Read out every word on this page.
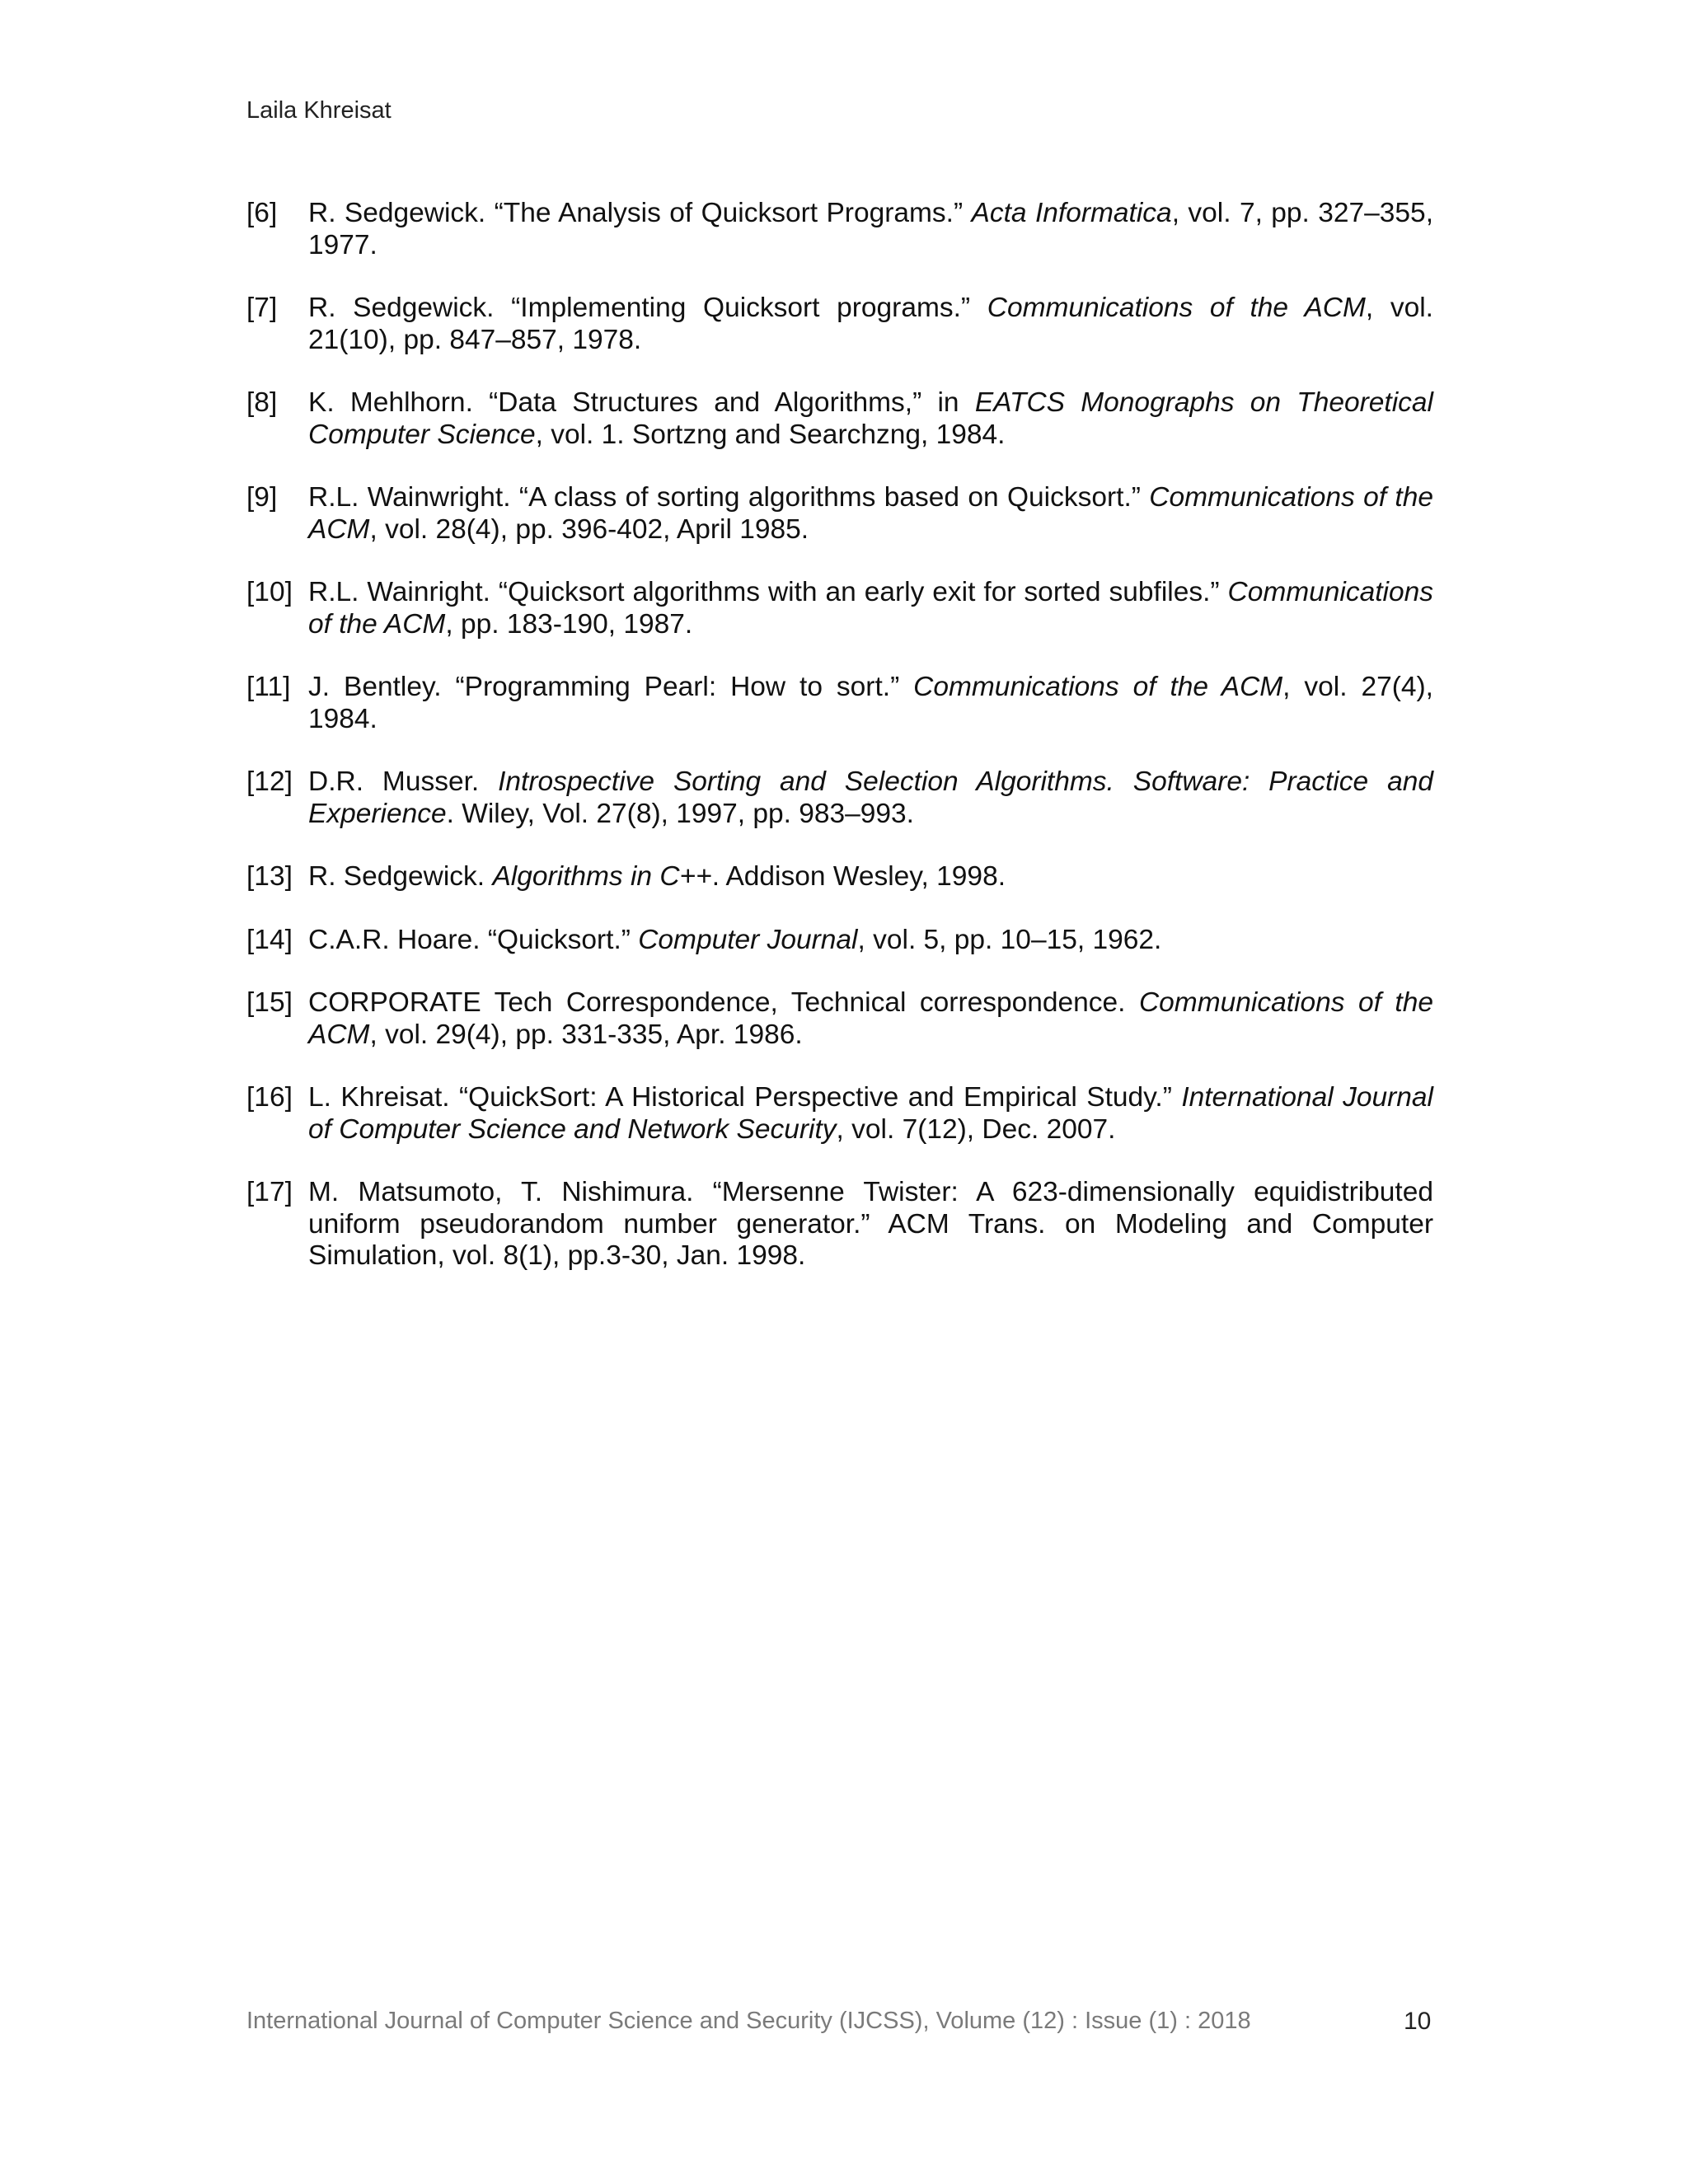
Laila Khreisat
[6]	R. Sedgewick. “The Analysis of Quicksort Programs.” Acta Informatica, vol. 7, pp. 327–355, 1977.
[7]	R. Sedgewick. “Implementing Quicksort programs.” Communications of the ACM, vol. 21(10), pp. 847–857, 1978.
[8]	K. Mehlhorn. “Data Structures and Algorithms,” in EATCS Monographs on Theoretical Computer Science, vol. 1. Sortzng and Searchzng, 1984.
[9]	R.L. Wainwright. “A class of sorting algorithms based on Quicksort.” Communications of the ACM, vol. 28(4), pp. 396-402, April 1985.
[10] R.L. Wainright. “Quicksort algorithms with an early exit for sorted subfiles.” Communications of the ACM, pp. 183-190, 1987.
[11] J. Bentley. “Programming Pearl: How to sort.” Communications of the ACM, vol. 27(4), 1984.
[12] D.R. Musser. Introspective Sorting and Selection Algorithms. Software: Practice and Experience. Wiley, Vol. 27(8), 1997, pp. 983–993.
[13] R. Sedgewick. Algorithms in C++. Addison Wesley, 1998.
[14] C.A.R. Hoare. “Quicksort.” Computer Journal, vol. 5, pp. 10–15, 1962.
[15] CORPORATE Tech Correspondence, Technical correspondence. Communications of the ACM, vol. 29(4), pp. 331-335, Apr. 1986.
[16] L. Khreisat. “QuickSort: A Historical Perspective and Empirical Study.” International Journal of Computer Science and Network Security, vol. 7(12), Dec. 2007.
[17] M. Matsumoto, T. Nishimura. “Mersenne Twister: A 623-dimensionally equidistributed uniform pseudorandom number generator.” ACM Trans. on Modeling and Computer Simulation, vol. 8(1), pp.3-30, Jan. 1998.
International Journal of Computer Science and Security (IJCSS), Volume (12) : Issue (1) : 2018	10
